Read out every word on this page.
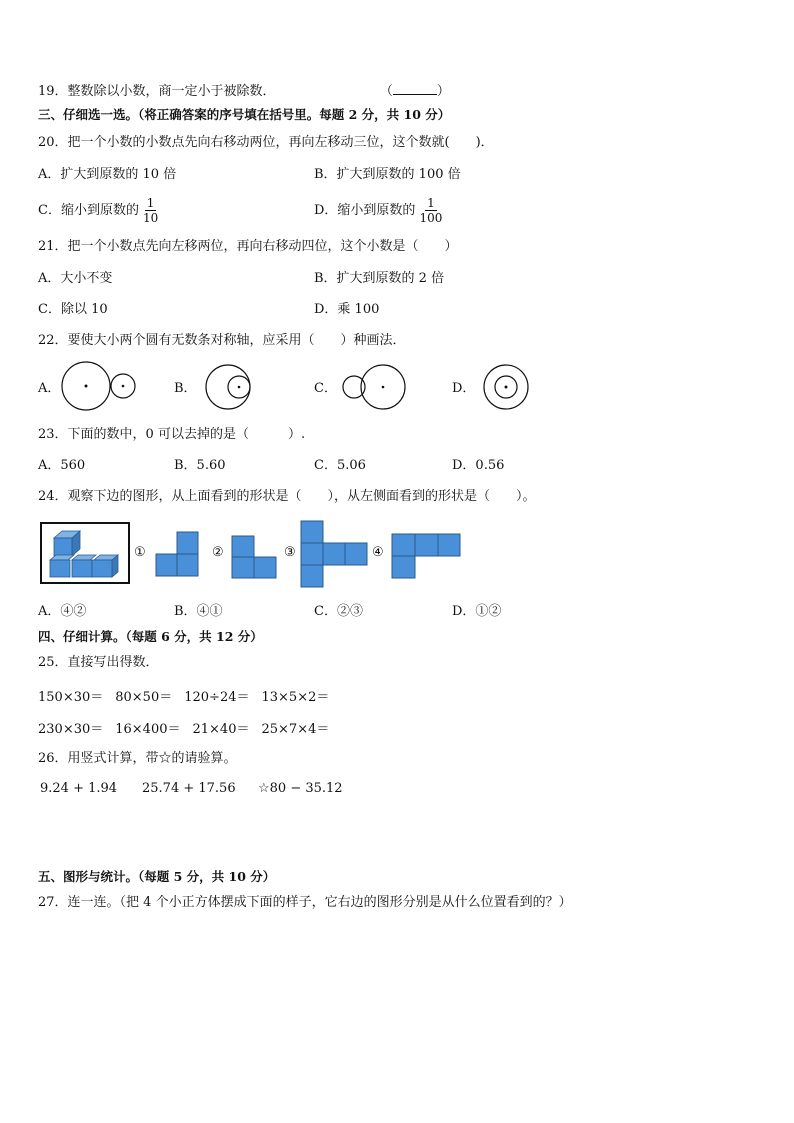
19．整数除以小数，商一定小于被除数．	（	）
三、仔细选一选。（将正确答案的序号填在括号里。每题 2 分，共 10 分）
20．把一个小数的小数点先向右移动两位，再向左移动三位，这个数就(　　)．
A．扩大到原数的 10 倍	B．扩大到原数的 100 倍
C．缩小到原数的 $\frac{1}{10}$	D．缩小到原数的 $\frac{1}{100}$
21．把一个小数点先向左移两位，再向右移动四位，这个小数是（　　）
A．大小不变	B．扩大到原数的 2 倍
C．除以 10	D．乘 100
22．要使大小两个圆有无数条对称轴，应采用（　　）种画法．
A．	B．	C．	D．
23．下面的数中，0 可以去掉的是（　　　）.
A．560	B．5.60	C．5.06	D．0.56
24．观察下边的图形，从上面看到的形状是（　　），从左侧面看到的形状是（　　）。
①	②	③	④
A．④②	B．④①	C．②③	D．①②
四、仔细计算。（每题 6 分，共 12 分）
25．直接写出得数．
150×30＝ 80×50＝ 120÷24＝ 13×5×2＝
230×30＝ 16×400＝ 21×40＝ 25×7×4＝
26．用竖式计算，带☆的请验算。
9.24 + 1.94 25.74 + 17.56 ☆80 − 35.12
五、图形与统计。（每题 5 分，共 10 分）
27．连一连。（把 4 个小正方体摆成下面的样子，它右边的图形分别是从什么位置看到的？）
